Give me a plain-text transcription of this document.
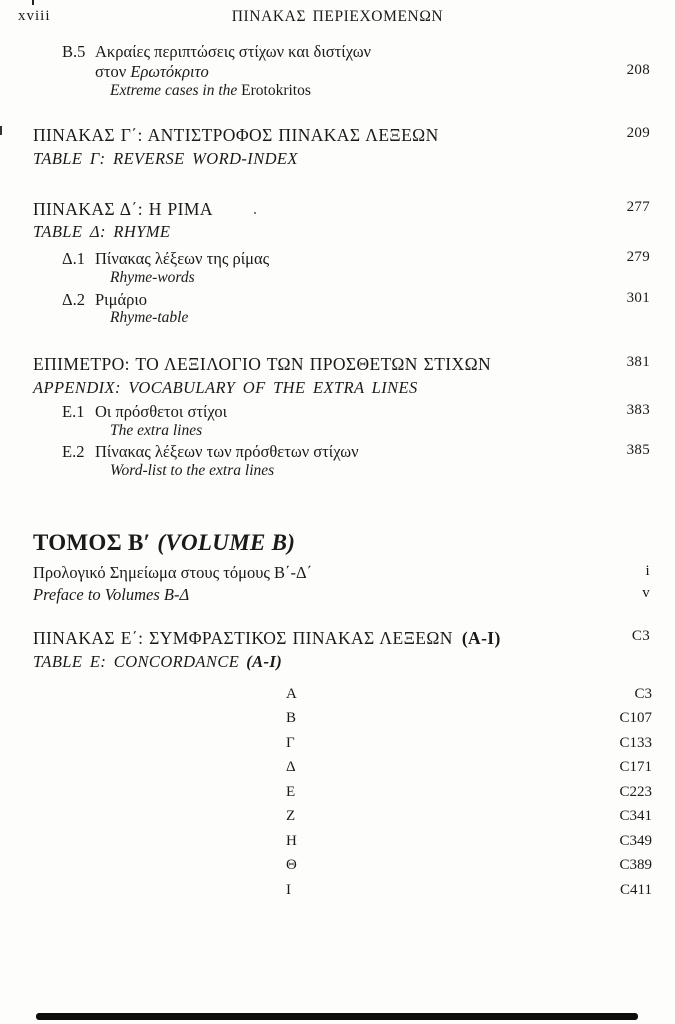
xviii	ΠΙΝΑΚΑΣ ΠΕΡΙΕΧΟΜΕΝΩΝ
Β.5 Ακραίες περιπτώσεις στίχων και διστίχων
στον Ερωτόκριτο	208
Extreme cases in the Erotokritos
ΠΙΝΑΚΑΣ Γ΄: ΑΝΤΙΣΤΡΟΦΟΣ ΠΙΝΑΚΑΣ ΛΕΞΕΩΝ	209
TABLE Γ: REVERSE WORD-INDEX
ΠΙΝΑΚΑΣ Δ΄: Η ΡΙΜΑ	277
TABLE Δ: RHYME
Δ.1 Πίνακας λέξεων της ρίμας	279
Rhyme-words
Δ.2 Ριμάριο	301
Rhyme-table
ΕΠΙΜΕΤΡΟ: ΤΟ ΛΕΞΙΛΟΓΙΟ ΤΩΝ ΠΡΟΣΘΕΤΩΝ ΣΤΙΧΩΝ	381
APPENDIX: VOCABULARY OF THE EXTRA LINES
Ε.1 Οι πρόσθετοι στίχοι	383
The extra lines
Ε.2 Πίνακας λέξεων των πρόσθετων στίχων	385
Word-list to the extra lines
ΤΟΜΟΣ Β′ (VOLUME B)
Προλογικό Σημείωμα στους τόμους Β΄-Δ΄	i
Preface to Volumes Β-Δ	v
ΠΙΝΑΚΑΣ Ε΄: ΣΥΜΦΡΑΣΤΙΚΟΣ ΠΙΝΑΚΑΣ ΛΕΞΕΩΝ (Α-Ι)	C3
TABLE Ε: CONCORDANCE (Α-Ι)
Α	C3
Β	C107
Γ	C133
Δ	C171
Ε	C223
Ζ	C341
Η	C349
Θ	C389
Ι	C411
